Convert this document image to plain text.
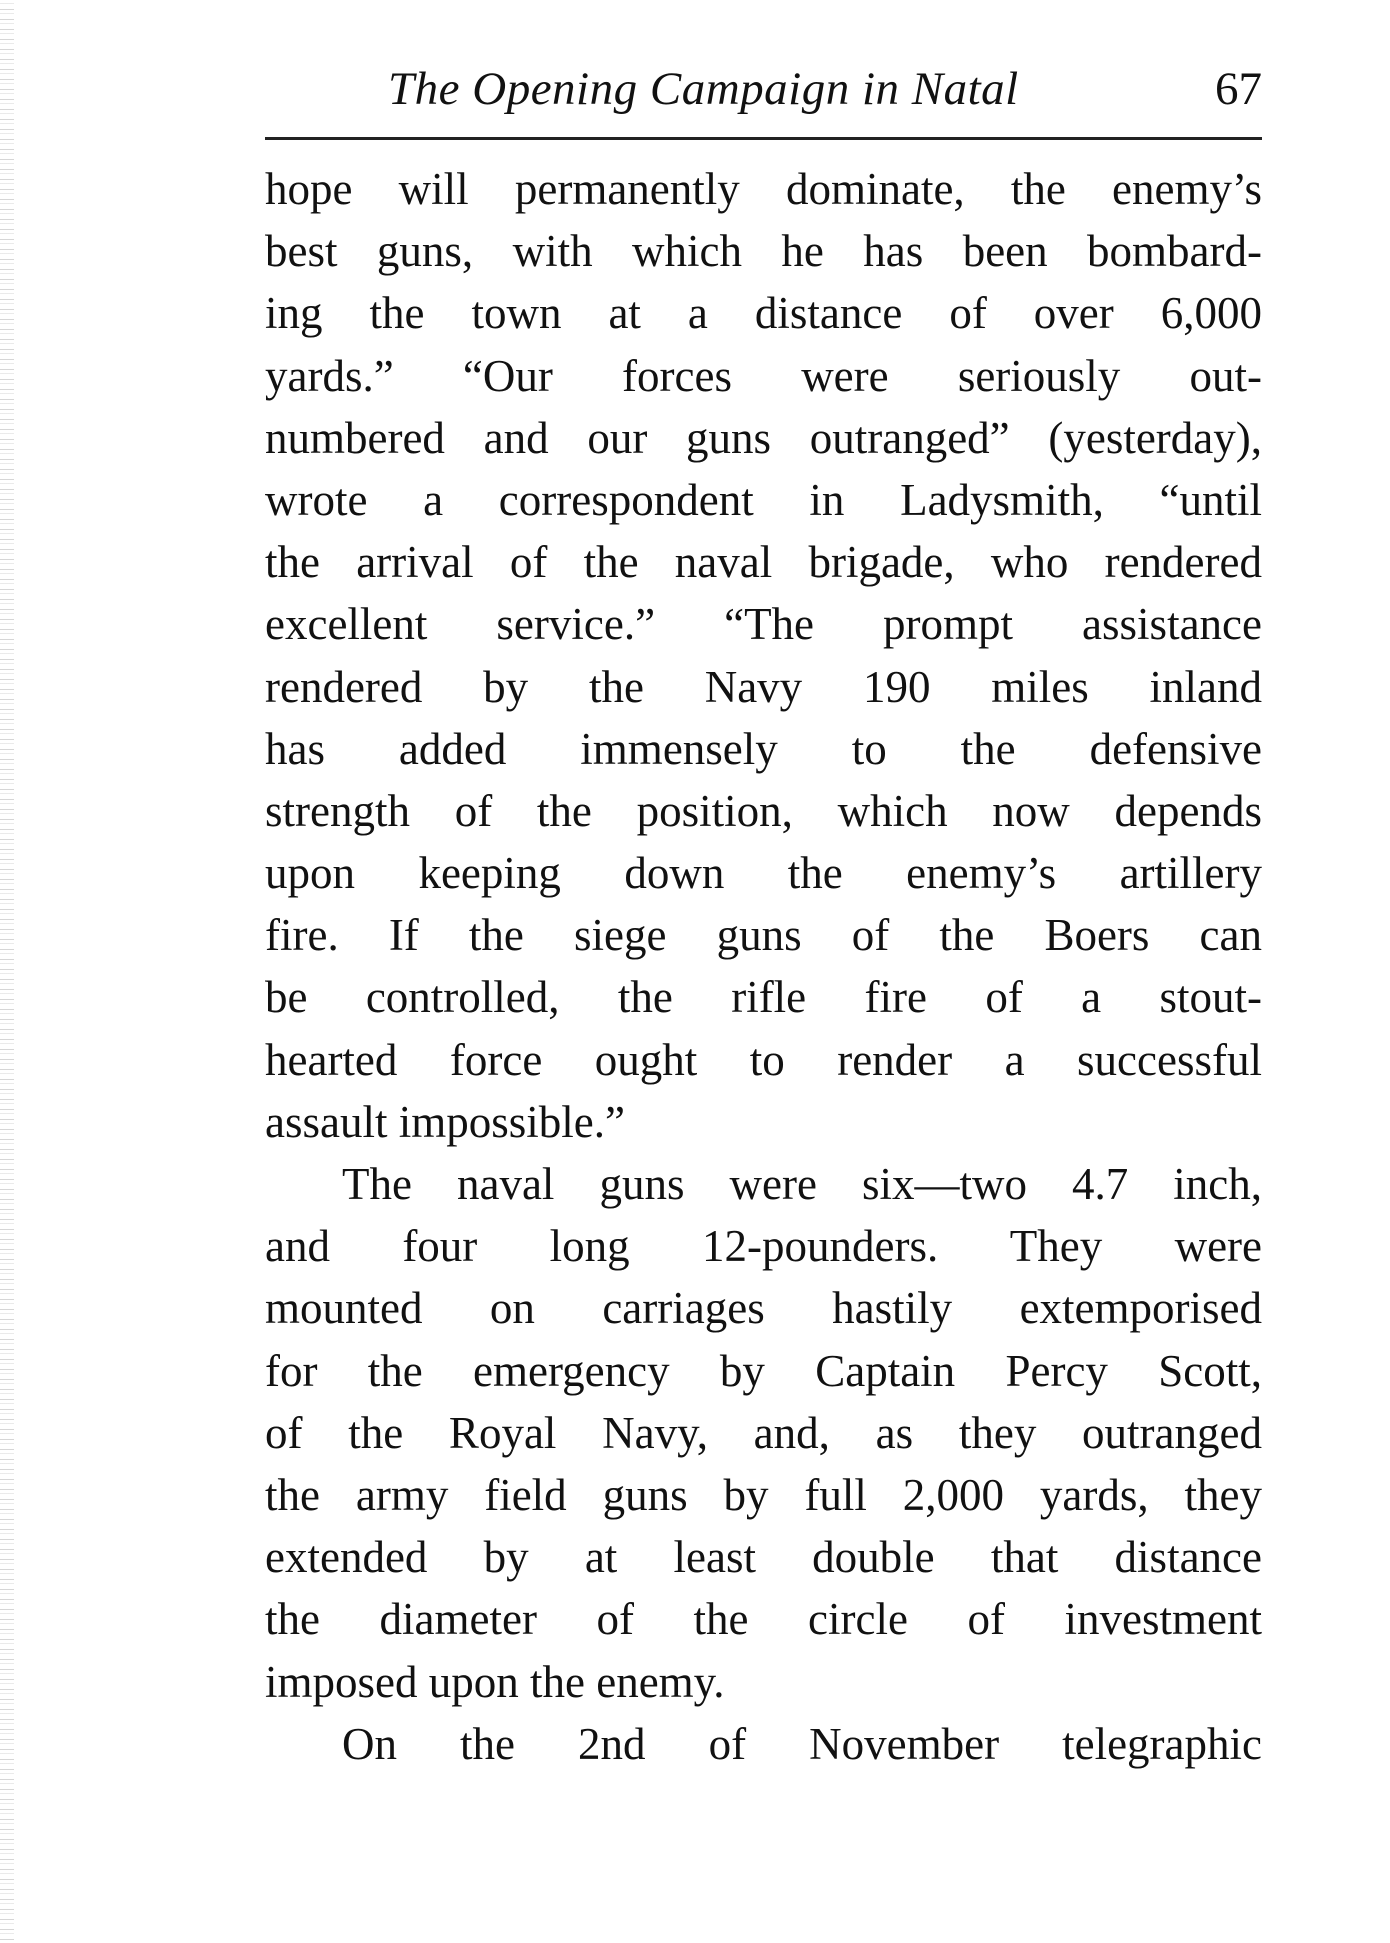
The Opening Campaign in Natal	67
hope will permanently dominate, the enemy’s
best guns, with which he has been bombard-
ing the town at a distance of over 6,000
yards.” “Our forces were seriously out-
numbered and our guns outranged” (yesterday),
wrote a correspondent in Ladysmith, “until
the arrival of the naval brigade, who rendered
excellent service.” “The prompt assistance
rendered by the Navy 190 miles inland
has added immensely to the defensive
strength of the position, which now depends
upon keeping down the enemy’s artillery
fire. If the siege guns of the Boers can
be controlled, the rifle fire of a stout-
hearted force ought to render a successful
assault impossible.”
The naval guns were six—two 4.7 inch,
and four long 12-pounders. They were
mounted on carriages hastily extemporised
for the emergency by Captain Percy Scott,
of the Royal Navy, and, as they outranged
the army field guns by full 2,000 yards, they
extended by at least double that distance
the diameter of the circle of investment
imposed upon the enemy.
On the 2nd of November telegraphic
